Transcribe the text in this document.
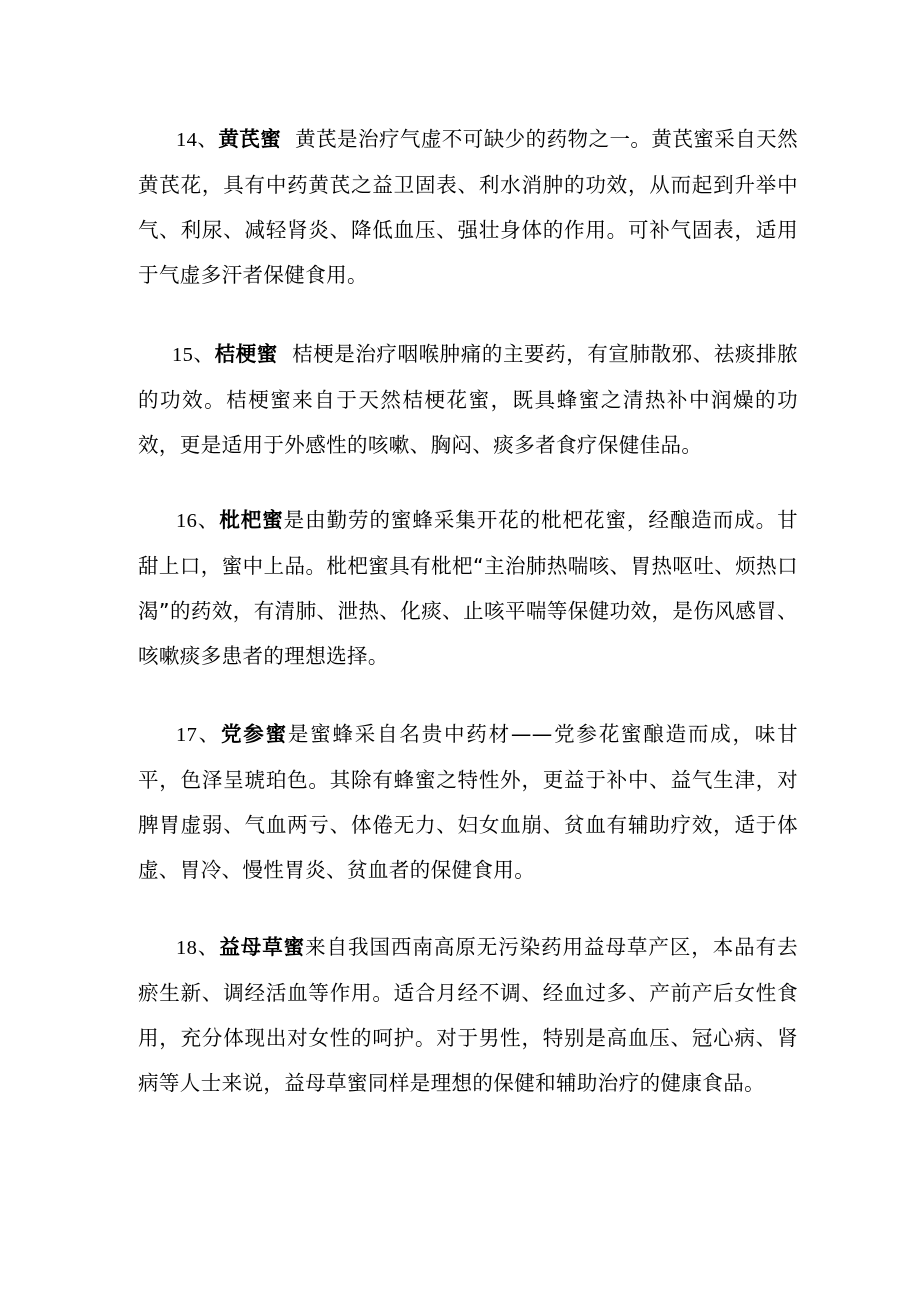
14、黄芪蜜 黄芪是治疗气虚不可缺少的药物之一。黄芪蜜采自天然黄芪花，具有中药黄芪之益卫固表、利水消肿的功效，从而起到升举中气、利尿、减轻肾炎、降低血压、强壮身体的作用。可补气固表，适用于气虚多汗者保健食用。

15、桔梗蜜 桔梗是治疗咽喉肿痛的主要药，有宣肺散邪、祛痰排脓的功效。桔梗蜜来自于天然桔梗花蜜，既具蜂蜜之清热补中润燥的功效，更是适用于外感性的咳嗽、胸闷、痰多者食疗保健佳品。

16、枇杷蜜是由勤劳的蜜蜂采集开花的枇杷花蜜，经酿造而成。甘甜上口，蜜中上品。枇杷蜜具有枇杷“主治肺热喘咳、胃热呕吐、烦热口渴”的药效，有清肺、泄热、化痰、止咳平喘等保健功效，是伤风感冒、咳嗽痰多患者的理想选择。

17、党参蜜是蜜蜂采自名贵中药材——党参花蜜酿造而成，味甘平，色泽呈琥珀色。其除有蜂蜜之特性外，更益于补中、益气生津，对脾胃虚弱、气血两亏、体倦无力、妇女血崩、贫血有辅助疗效，适于体虚、胃冷、慢性胃炎、贫血者的保健食用。

18、益母草蜜来自我国西南高原无污染药用益母草产区，本品有去瘀生新、调经活血等作用。适合月经不调、经血过多、产前产后女性食用，充分体现出对女性的呵护。对于男性，特别是高血压、冠心病、肾病等人士来说，益母草蜜同样是理想的保健和辅助治疗的健康食品。
